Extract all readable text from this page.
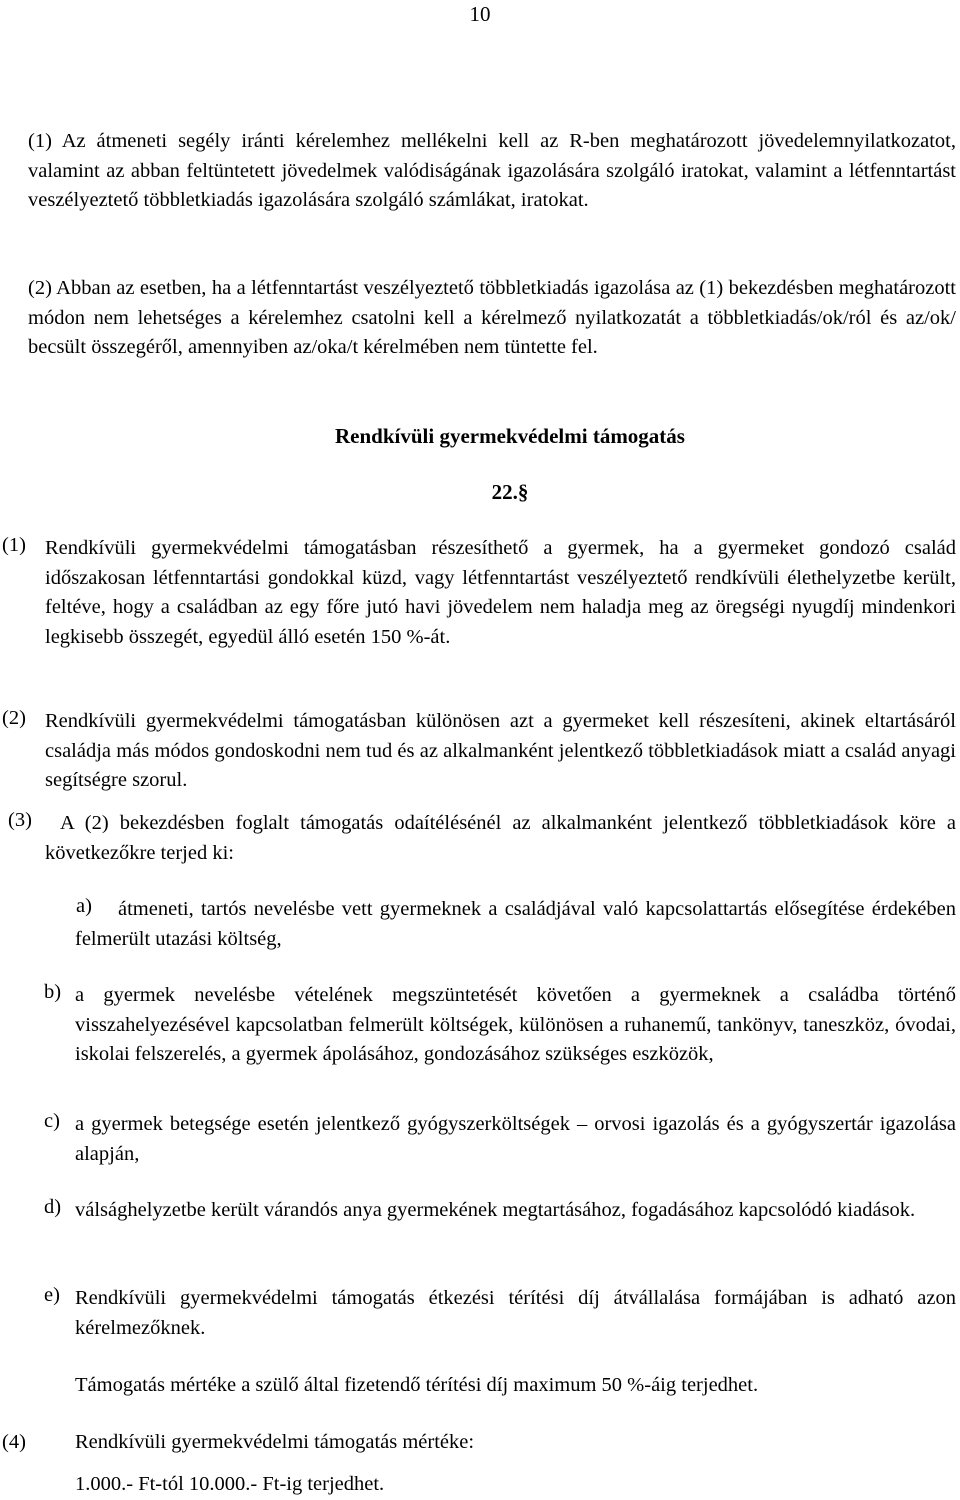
10

(1) Az átmeneti segély iránti kérelemhez mellékelni kell az R-ben meghatározott jövedelemnyilatkozatot, valamint az abban feltüntetett jövedelmek valódiságának igazolására szolgáló iratokat, valamint a létfenntartást veszélyeztető többletkiadás igazolására szolgáló számlákat, iratokat.

(2) Abban az esetben, ha a létfenntartást veszélyeztető többletkiadás igazolása az (1) bekezdésben meghatározott módon nem lehetséges a kérelemhez csatolni kell a kérelmező nyilatkozatát a többletkiadás/ok/ról és az/ok/ becsült összegéről, amennyiben az/oka/t kérelmében nem tüntette fel.

Rendkívüli gyermekvédelmi támogatás
22.§
(1) Rendkívüli gyermekvédelmi támogatásban részesíthető a gyermek, ha a gyermeket gondozó család időszakosan létfenntartási gondokkal küzd, vagy létfenntartást veszélyeztető rendkívüli élethelyzetbe került, feltéve, hogy a családban az egy főre jutó havi jövedelem nem haladja meg az öregségi nyugdíj mindenkori legkisebb összegét, egyedül álló esetén 150 %-át.

(2) Rendkívüli gyermekvédelmi támogatásban különösen azt a gyermeket kell részesíteni, akinek eltartásáról családja más módos gondoskodni nem tud és az alkalmanként jelentkező többletkiadások miatt a család anyagi segítségre szorul.

(3)	A (2) bekezdésben foglalt támogatás odaítélésénél az alkalmanként jelentkező többletkiadások köre a következőkre terjed ki:

a)	átmeneti, tartós nevelésbe vett gyermeknek a családjával való kapcsolattartás elősegítése érdekében felmerült utazási költség,

b) a gyermek nevelésbe vételének megszüntetését követően a gyermeknek a családba történő visszahelyezésével kapcsolatban felmerült költségek, különösen a ruhanemű, tankönyv, taneszköz, óvodai, iskolai felszerelés, a gyermek ápolásához, gondozásához szükséges eszközök,

c) a gyermek betegsége esetén jelentkező gyógyszerköltségek – orvosi igazolás és a gyógyszertár igazolása alapján,

d) válsághelyzetbe került várandós anya gyermekének megtartásához, fogadásához kapcsolódó kiadások.

e) Rendkívüli gyermekvédelmi támogatás étkezési térítési díj átvállalása formájában is adható azon kérelmezőknek.

Támogatás mértéke a szülő által fizetendő térítési díj maximum 50 %-áig terjedhet.

(4) Rendkívüli gyermekvédelmi támogatás mértéke:

1.000.- Ft-tól 10.000.- Ft-ig terjedhet.
